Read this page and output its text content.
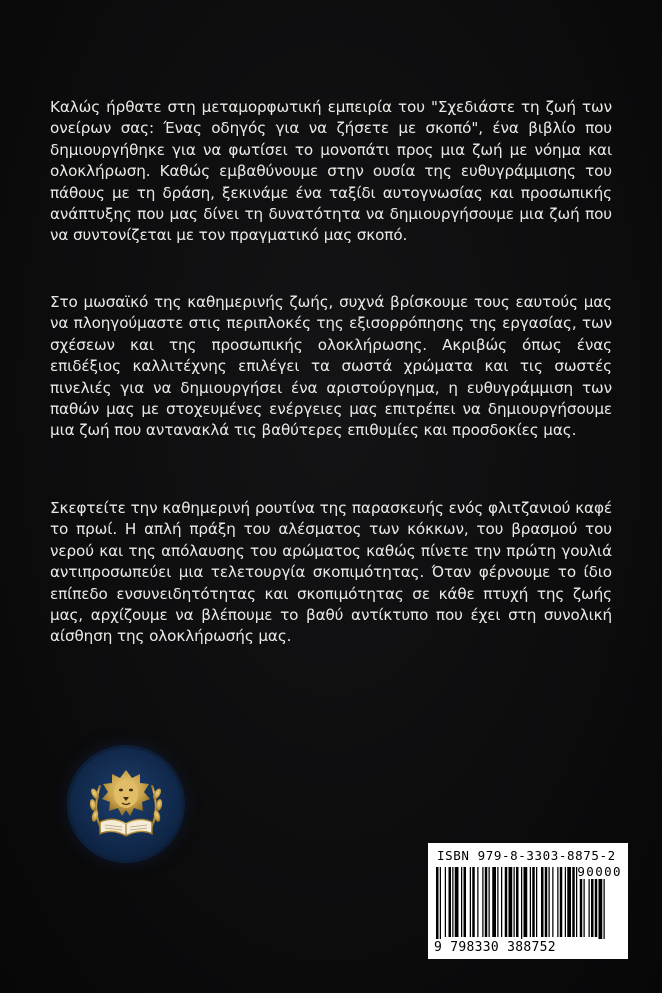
Καλώς ήρθατε στη μεταμορφωτική εμπειρία του "Σχεδιάστε τη ζωή των ονείρων σας: Ένας οδηγός για να ζήσετε με σκοπό", ένα βιβλίο που δημιουργήθηκε για να φωτίσει το μονοπάτι προς μια ζωή με νόημα και ολοκλήρωση. Καθώς εμβαθύνουμε στην ουσία της ευθυγράμμισης του πάθους με τη δράση, ξεκινάμε ένα ταξίδι αυτογνωσίας και προσωπικής ανάπτυξης που μας δίνει τη δυνατότητα να δημιουργήσουμε μια ζωή που να συντονίζεται με τον πραγματικό μας σκοπό.

Στο μωσαϊκό της καθημερινής ζωής, συχνά βρίσκουμε τους εαυτούς μας να πλοηγούμαστε στις περιπλοκές της εξισορρόπησης της εργασίας, των σχέσεων και της προσωπικής ολοκλήρωσης. Ακριβώς όπως ένας επιδέξιος καλλιτέχνης επιλέγει τα σωστά χρώματα και τις σωστές πινελιές για να δημιουργήσει ένα αριστούργημα, η ευθυγράμμιση των παθών μας με στοχευμένες ενέργειες μας επιτρέπει να δημιουργήσουμε μια ζωή που αντανακλά τις βαθύτερες επιθυμίες και προσδοκίες μας.

Σκεφτείτε την καθημερινή ρουτίνα της παρασκευής ενός φλιτζανιού καφέ το πρωί. Η απλή πράξη του αλέσματος των κόκκων, του βρασμού του νερού και της απόλαυσης του αρώματος καθώς πίνετε την πρώτη γουλιά αντιπροσωπεύει μια τελετουργία σκοπιμότητας. Όταν φέρνουμε το ίδιο επίπεδο ενσυνειδητότητας και σκοπιμότητας σε κάθε πτυχή της ζωής μας, αρχίζουμε να βλέπουμε το βαθύ αντίκτυπο που έχει στη συνολική αίσθηση της ολοκλήρωσής μας.

ISBN 979-8-3303-8875-2
9 798330 388752
90000
